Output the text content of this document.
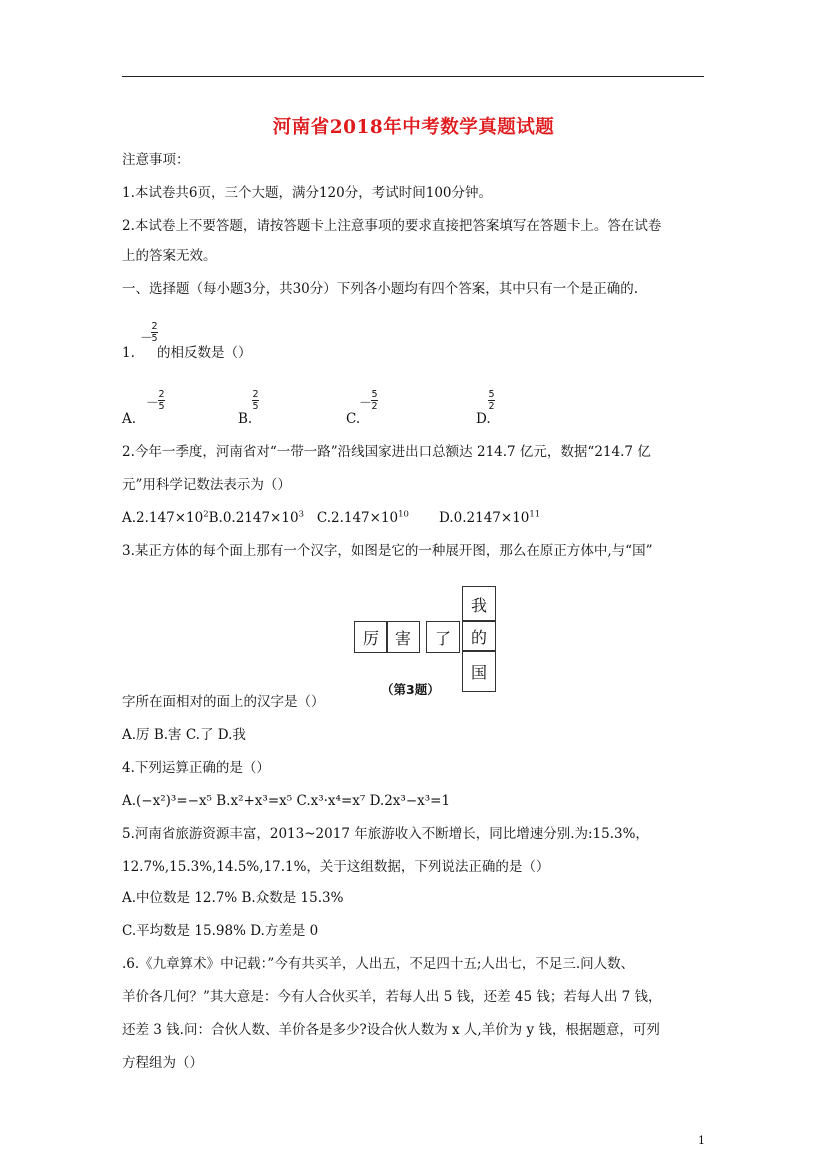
河南省2018年中考数学真题试题
注意事项：
1.本试卷共6页，三个大题，满分120分，考试时间100分钟。
2.本试卷上不要答题，请按答题卡上注意事项的要求直接把答案填写在答题卡上。答在试卷
上的答案无效。
一、选择题（每小题3分，共30分）下列各小题均有四个答案，其中只有一个是正确的.
－
2
5
1. 的相反数是（）
A.
－
2
5
B.
2
5
C.
－
5
2
D.
5
2
2.今年一季度，河南省对“一带一路”沿线国家进出口总额达 214.7 亿元，数据“214.7 亿
元”用科学记数法表示为（）
$A.2.147\times 10^2B.0.2147\times 10^3$ $C.2.147\times 10^{10}$ $D.0.2147\times 10^{11}$
3.某正方体的每个面上那有一个汉字，如图是它的一种展开图，那么在原正方体中,与“国”
厉 害	了
我
的
国
（第3题）
字所在面相对的面上的汉字是（）
A.厉 B.害 C.了 D.我
4.下列运算正确的是（）
A.(−x²)³=−x⁵ B.x²+x³=x⁵ C.x³·x⁴=x⁷ D.2x³−x³=1
5.河南省旅游资源丰富，2013~2017 年旅游收入不断增长，同比增速分别.为:15.3%，
12.7%,15.3%,14.5%,17.1%，关于这组数据，下列说法正确的是（）
A.中位数是 12.7% B.众数是 15.3%
C.平均数是 15.98% D.方差是 0
.6.《九章算术》中记载：”今有共买羊，人出五，不足四十五;人出七，不足三.问人数、
羊价各几何？”其大意是：今有人合伙买羊，若每人出 5 钱，还差 45 钱；若每人出 7 钱，
还差 3 钱.问：合伙人数、羊价各是多少?设合伙人数为 x 人,羊价为 y 钱，根据题意，可列
方程组为（）
1
